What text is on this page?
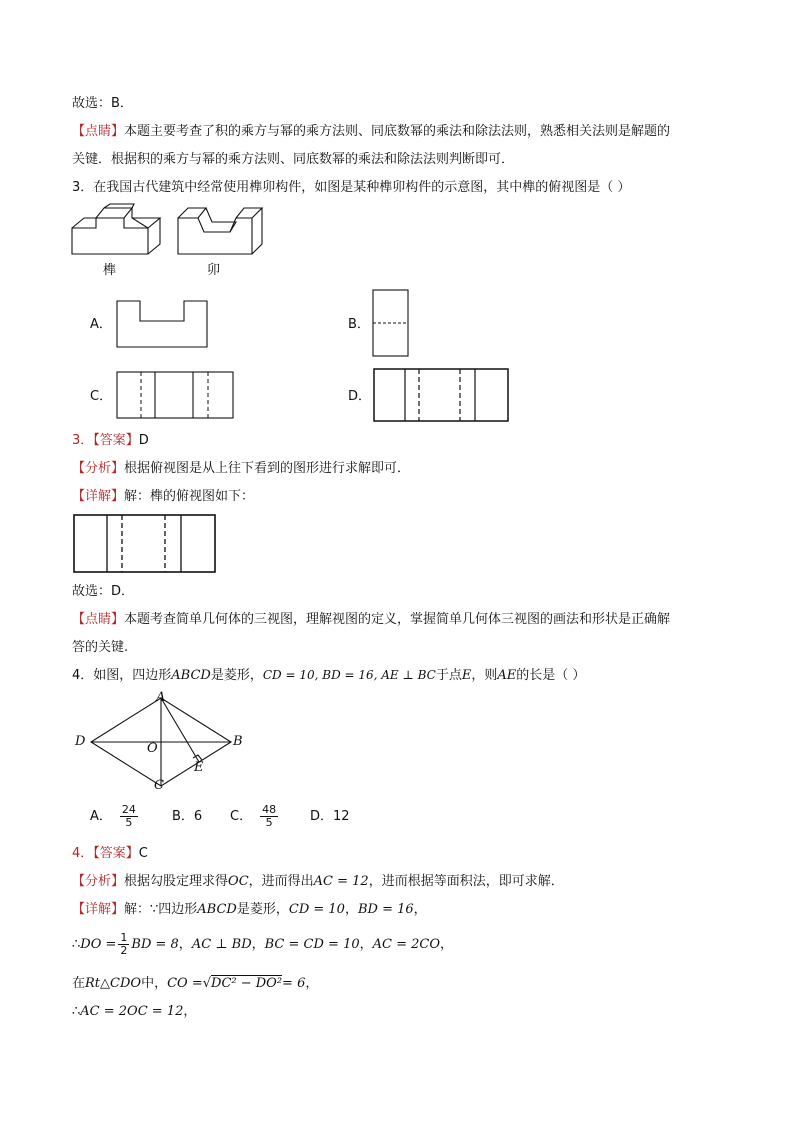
故选：B．
【点睛】本题主要考查了积的乘方与幂的乘方法则、同底数幂的乘法和除法法则，熟悉相关法则是解题的
关键．根据积的乘方与幂的乘方法则、同底数幂的乘法和除法法则判断即可．
3．在我国古代建筑中经常使用榫卯构件，如图是某种榫卯构件的示意图，其中榫的俯视图是（ ）
榫	卯
A．	B．
C．	D．
3．【答案】D
【分析】根据俯视图是从上往下看到的图形进行求解即可．
【详解】解：榫的俯视图如下：
故选：D．
【点睛】本题考查简单几何体的三视图，理解视图的定义，掌握简单几何体三视图的画法和形状是正确解
答的关键.
4．如图，四边形ABCD是菱形，CD = 10, BD = 16, AE ⊥ BC于点E，则AE的长是（ ）
A
D	B
O
E
C
A． $\frac{24}{5}$	B．6 C． $\frac{48}{5}$ D．12
4．【答案】C
【分析】根据勾股定理求得OC，进而得出AC = 12，进而根据等面积法，即可求解．
【详解】解：∵四边形ABCD是菱形，CD = 10，BD = 16，
∴DO = $\frac{1}{2}$ BD = 8，AC ⊥ BD，BC = CD = 10，AC = 2CO，
在Rt△CDO中，CO =√DC² − DO²= 6，
∴AC = 2OC = 12，
